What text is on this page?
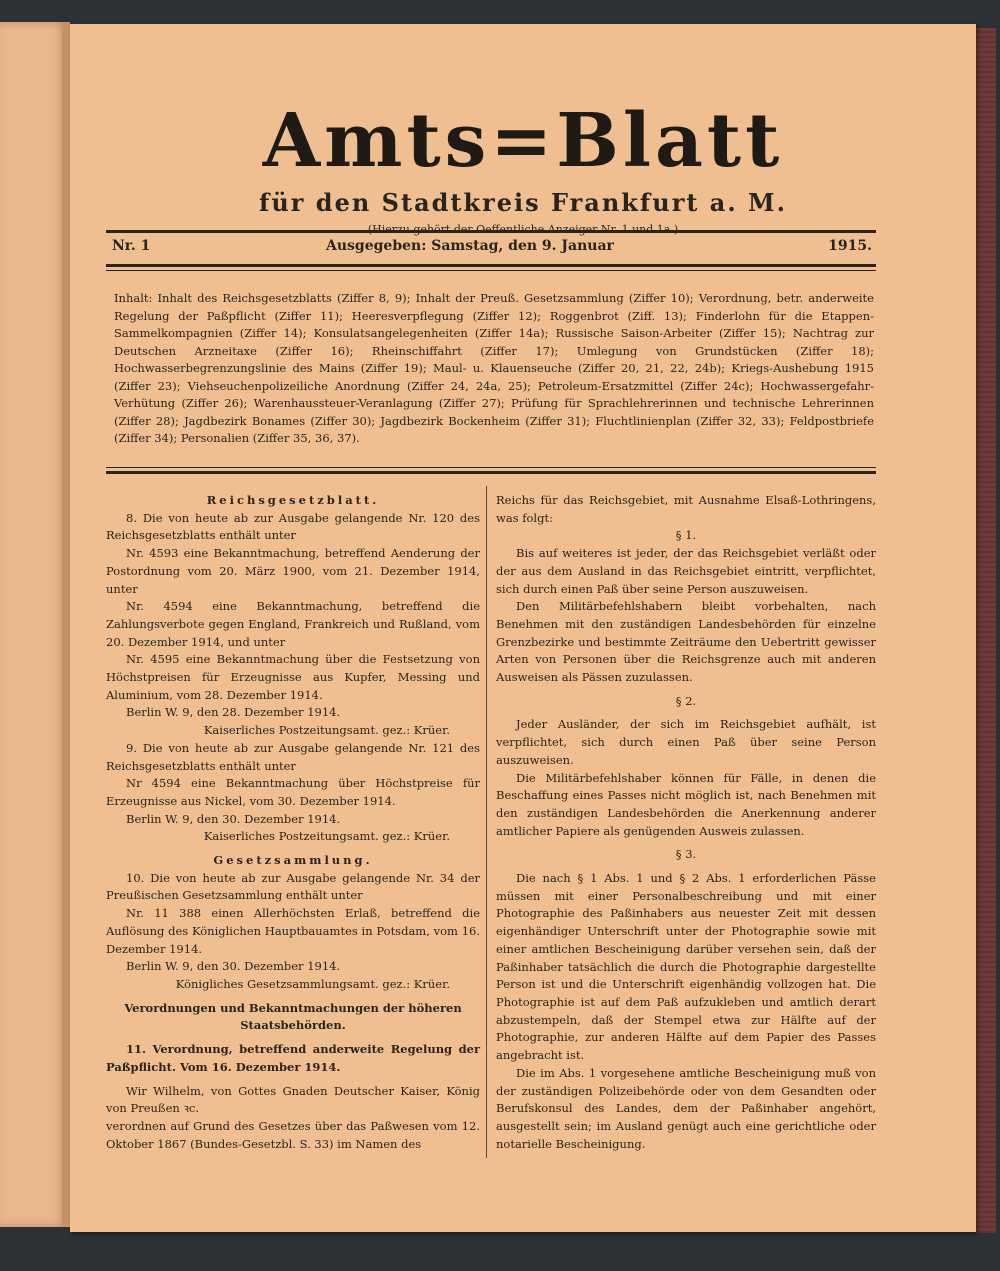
Amts=Blatt
für den Stadtkreis Frankfurt a. M.
Nr. 1	Ausgegeben: Samstag, den 9. Januar	1915.
Inhalt: Inhalt des Reichsgesetzblatts (Ziffer 8, 9); Inhalt der Preuß. Gesetzsammlung (Ziffer 10); Verordnung, betr. anderweite Regelung der Paßpflicht (Ziffer 11); Heeresverpflegung (Ziffer 12); Roggenbrot (Ziff. 13); Finderlohn für die Etappen-Sammelkompagnien (Ziffer 14); Konsulatsangelegenheiten (Ziffer 14a); Russische Saison-Arbeiter (Ziffer 15); Nachtrag zur Deutschen Arzneitaxe (Ziffer 16); Rheinschiffahrt (Ziffer 17); Umlegung von Grundstücken (Ziffer 18); Hochwasserbegrenzungslinie des Mains (Ziffer 19); Maul- u. Klauenseuche (Ziffer 20, 21, 22, 24b); Kriegs-Aushebung 1915 (Ziffer 23); Viehseuchenpolizeiliche Anordnung (Ziffer 24, 24a, 25); Petroleum-Ersatzmittel (Ziffer 24c); Hochwassergefahr-Verhütung (Ziffer 26); Warenhaussteuer-Veranlagung (Ziffer 27); Prüfung für Sprachlehrerinnen und technische Lehrerinnen (Ziffer 28); Jagdbezirk Bonames (Ziffer 30); Jagdbezirk Bockenheim (Ziffer 31); Fluchtlinienplan (Ziffer 32, 33); Feldpostbriefe (Ziffer 34); Personalien (Ziffer 35, 36, 37).

Reichsgesetzblatt.

8. Die von heute ab zur Ausgabe gelangende Nr. 120 des Reichsgesetzblatts enthält unter

Nr. 4593 eine Bekanntmachung, betreffend Aenderung der Postordnung vom 20. März 1900, vom 21. Dezember 1914, unter

Nr. 4594 eine Bekanntmachung, betreffend die Zahlungsverbote gegen England, Frankreich und Rußland, vom 20. Dezember 1914, und unter

Nr. 4595 eine Bekanntmachung über die Festsetzung von Höchstpreisen für Erzeugnisse aus Kupfer, Messing und Aluminium, vom 28. Dezember 1914.

Berlin W. 9, den 28. Dezember 1914.

Kaiserliches Postzeitungsamt. gez.: Krüer.

9. Die von heute ab zur Ausgabe gelangende Nr. 121 des Reichsgesetzblatts enthält unter

Nr 4594 eine Bekanntmachung über Höchstpreise für Erzeugnisse aus Nickel, vom 30. Dezember 1914.

Berlin W. 9, den 30. Dezember 1914.

Kaiserliches Postzeitungsamt. gez.: Krüer.

Gesetzsammlung.

10. Die von heute ab zur Ausgabe gelangende Nr. 34 der Preußischen Gesetzsammlung enthält unter

Nr. 11 388 einen Allerhöchsten Erlaß, betreffend die Auflösung des Königlichen Hauptbauamtes in Potsdam, vom 16. Dezember 1914.

Berlin W. 9, den 30. Dezember 1914.

Königliches Gesetzsammlungsamt. gez.: Krüer.

Verordnungen und Bekanntmachungen der höheren Staatsbehörden.

11. Verordnung, betreffend anderweite Regelung der Paßpflicht. Vom 16. Dezember 1914.

Wir Wilhelm, von Gottes Gnaden Deutscher Kaiser, König von Preußen ꝛc.

verordnen auf Grund des Gesetzes über das Paßwesen vom 12. Oktober 1867 (Bundes-Gesetzbl. S. 33) im Namen des

Reichs für das Reichsgebiet, mit Ausnahme Elsaß-Lothringens, was folgt:

§ 1.

Bis auf weiteres ist jeder, der das Reichsgebiet verläßt oder der aus dem Ausland in das Reichsgebiet eintritt, verpflichtet, sich durch einen Paß über seine Person auszuweisen.

Den Militärbefehlshabern bleibt vorbehalten, nach Benehmen mit den zuständigen Landesbehörden für einzelne Grenzbezirke und bestimmte Zeiträume den Uebertritt gewisser Arten von Personen über die Reichsgrenze auch mit anderen Ausweisen als Pässen zuzulassen.

§ 2.

Jeder Ausländer, der sich im Reichsgebiet aufhält, ist verpflichtet, sich durch einen Paß über seine Person auszuweisen.

Die Militärbefehlshaber können für Fälle, in denen die Beschaffung eines Passes nicht möglich ist, nach Benehmen mit den zuständigen Landesbehörden die Anerkennung anderer amtlicher Papiere als genügenden Ausweis zulassen.

§ 3.

Die nach § 1 Abs. 1 und § 2 Abs. 1 erforderlichen Pässe müssen mit einer Personalbeschreibung und mit einer Photographie des Paßinhabers aus neuester Zeit mit dessen eigenhändiger Unterschrift unter der Photographie sowie mit einer amtlichen Bescheinigung darüber versehen sein, daß der Paßinhaber tatsächlich die durch die Photographie dargestellte Person ist und die Unterschrift eigenhändig vollzogen hat. Die Photographie ist auf dem Paß aufzukleben und amtlich derart abzustempeln, daß der Stempel etwa zur Hälfte auf der Photographie, zur anderen Hälfte auf dem Papier des Passes angebracht ist.

Die im Abs. 1 vorgesehene amtliche Bescheinigung muß von der zuständigen Polizeibehörde oder von dem Gesandten oder Berufskonsul des Landes, dem der Paßinhaber angehört, ausgestellt sein; im Ausland genügt auch eine gerichtliche oder notarielle Bescheinigung.
